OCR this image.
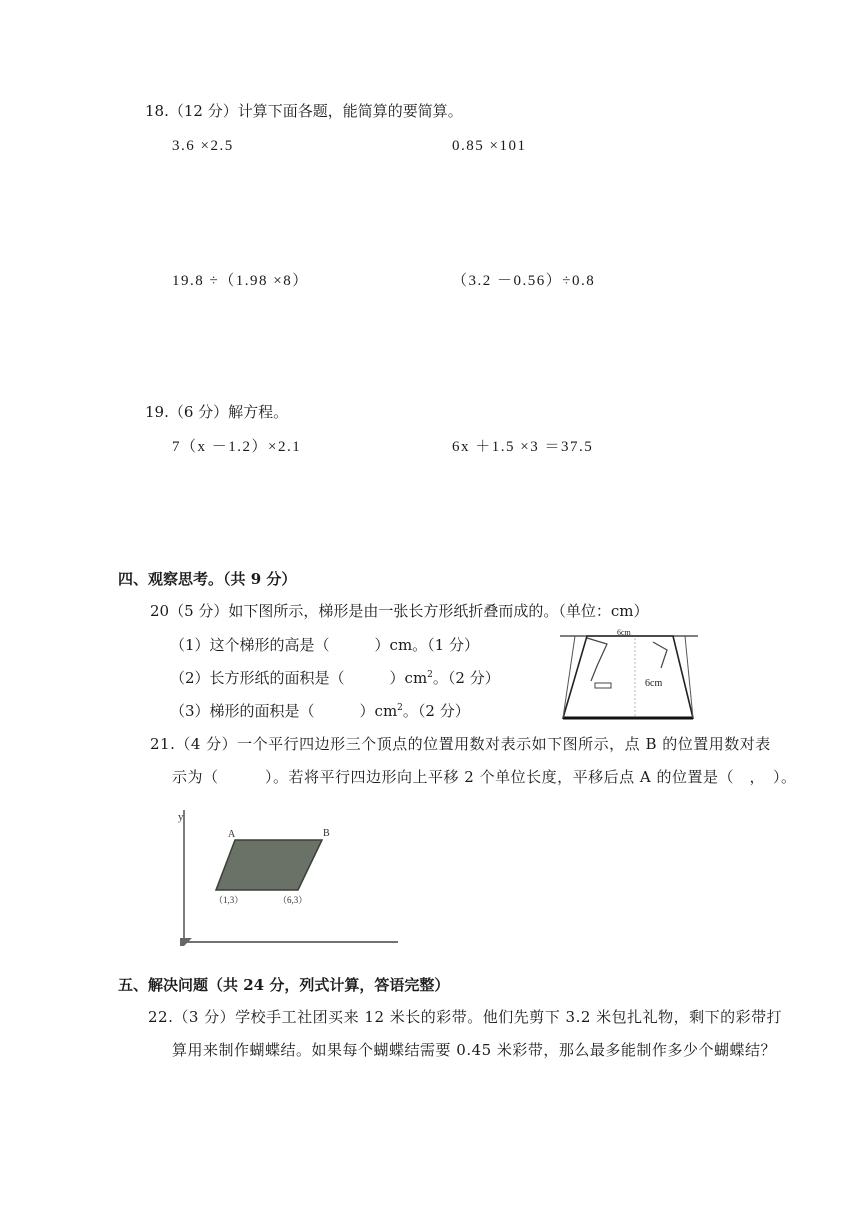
18.（12 分）计算下面各题，能简算的要简算。
3.6 ×2.5	0.85 ×101
19.8 ÷（1.98 ×8）	（3.2 －0.56）÷0.8
19.（6 分）解方程。
7（x －1.2）×2.1	6x ＋1.5 ×3 ＝37.5
四、观察思考。（共 9 分）
20（5 分）如下图所示，梯形是由一张长方形纸折叠而成的。（单位：cm）
（1）这个梯形的高是（　　　）cm。（1 分）
（2）长方形纸的面积是（　　　）$cm^2$。（2 分）
（3）梯形的面积是（　　　）$cm^2$。（2 分）
6cm
6cm
21.（4 分）一个平行四边形三个顶点的位置用数对表示如下图所示，点 B 的位置用数对表
示为（　　　）。若将平行四边形向上平移 2 个单位长度，平移后点 A 的位置是（　，　）。
y
A	B
（1,3）	（6,3）
五、解决问题（共 24 分，列式计算，答语完整）
22.（3 分）学校手工社团买来 12 米长的彩带。他们先剪下 3.2 米包扎礼物，剩下的彩带打
算用来制作蝴蝶结。如果每个蝴蝶结需要 0.45 米彩带，那么最多能制作多少个蝴蝶结？
